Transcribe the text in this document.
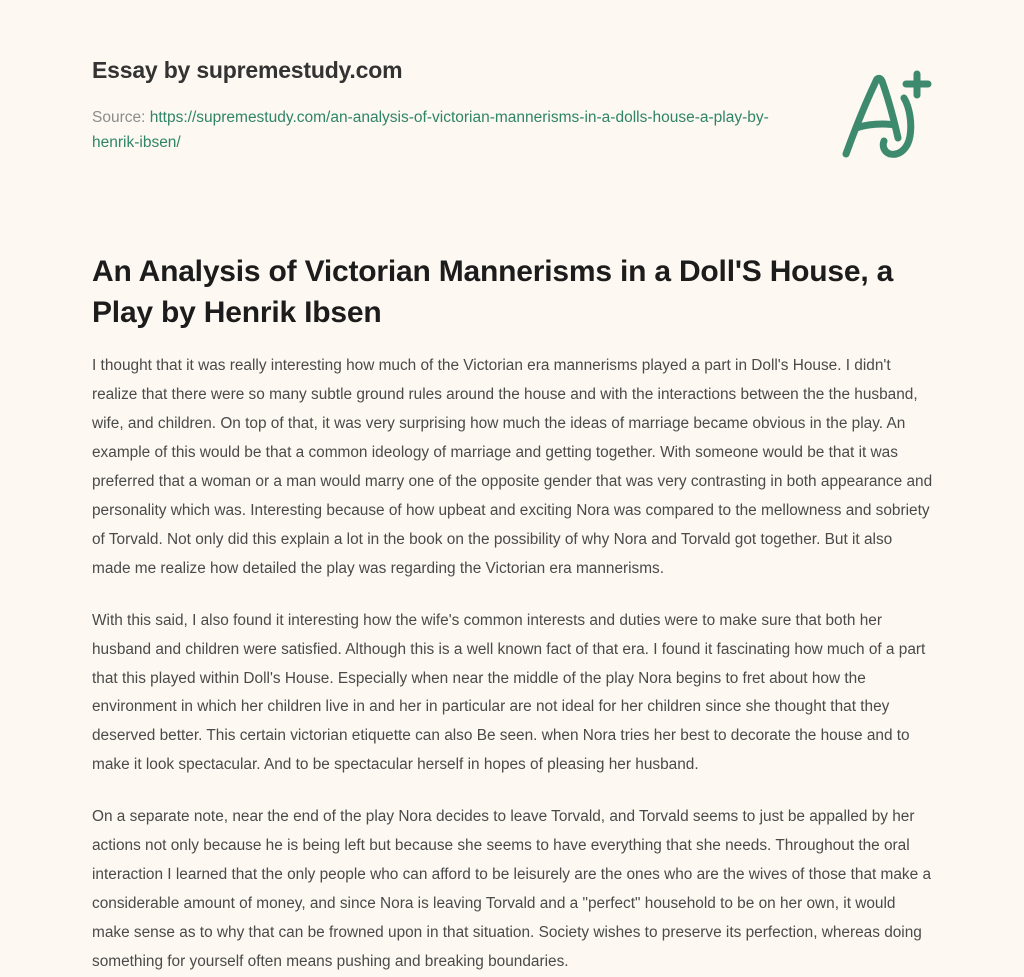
Essay by supremestudy.com
Source: https://supremestudy.com/an-analysis-of-victorian-mannerisms-in-a-dolls-house-a-play-by-henrik-ibsen/
An Analysis of Victorian Mannerisms in a Doll'S House, a Play by Henrik Ibsen

I thought that it was really interesting how much of the Victorian era mannerisms played a part in Doll's House. I didn't realize that there were so many subtle ground rules around the house and with the interactions between the the husband, wife, and children. On top of that, it was very surprising how much the ideas of marriage became obvious in the play. An example of this would be that a common ideology of marriage and getting together. With someone would be that it was preferred that a woman or a man would marry one of the opposite gender that was very contrasting in both appearance and personality which was. Interesting because of how upbeat and exciting Nora was compared to the mellowness and sobriety of Torvald. Not only did this explain a lot in the book on the possibility of why Nora and Torvald got together. But it also made me realize how detailed the play was regarding the Victorian era mannerisms.

With this said, I also found it interesting how the wife's common interests and duties were to make sure that both her husband and children were satisfied. Although this is a well known fact of that era. I found it fascinating how much of a part that this played within Doll's House. Especially when near the middle of the play Nora begins to fret about how the environment in which her children live in and her in particular are not ideal for her children since she thought that they deserved better. This certain victorian etiquette can also Be seen. when Nora tries her best to decorate the house and to make it look spectacular. And to be spectacular herself in hopes of pleasing her husband.

On a separate note, near the end of the play Nora decides to leave Torvald, and Torvald seems to just be appalled by her actions not only because he is being left but because she seems to have everything that she needs. Throughout the oral interaction I learned that the only people who can afford to be leisurely are the ones who are the wives of those that make a considerable amount of money, and since Nora is leaving Torvald and a "perfect" household to be on her own, it would make sense as to why that can be frowned upon in that situation. Society wishes to preserve its perfection, whereas doing something for yourself often means pushing and breaking boundaries.
